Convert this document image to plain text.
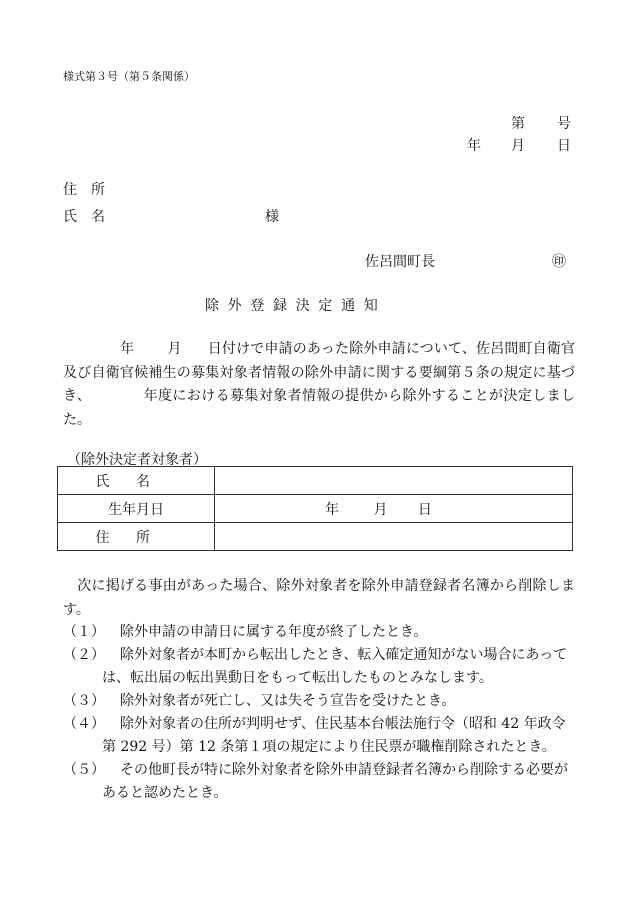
様式第３号（第５条関係）
第 号
年 月 日
住　所
氏　名	様
佐呂間町長	㊞
除外登録決定通知
年 月 日付けで申請のあった除外申請について、佐呂間町自衛官及び自衛官候補生の募集対象者情報の除外申請に関する要綱第５条の規定に基づき、	年度における募集対象者情報の提供から除外することが決定しました。
（除外決定者対象者）
氏名	
生年月日	年 月 日
住所	
次に掲げる事由があった場合、除外対象者を除外申請登録者名簿から削除します。
（１）	除外申請の申請日に属する年度が終了したとき。
（２）	除外対象者が本町から転出したとき、転入確定通知がない場合にあっては、転出届の転出異動日をもって転出したものとみなします。
（３）	除外対象者が死亡し、又は失そう宣告を受けたとき。
（４）	除外対象者の住所が判明せず、住民基本台帳法施行令（昭和 42 年政令第 292 号）第 12 条第１項の規定により住民票が職権削除されたとき。
（５）	その他町長が特に除外対象者を除外申請登録者名簿から削除する必要があると認めたとき。
